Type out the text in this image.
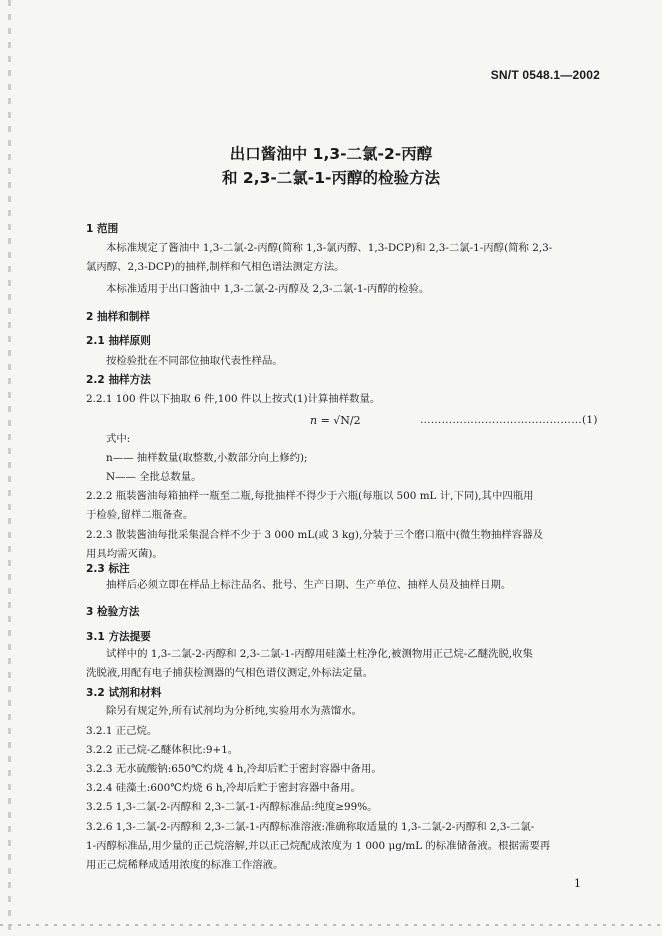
SN/T 0548.1—2002
出口酱油中 1,3-二氯-2-丙醇
和 2,3-二氯-1-丙醇的检验方法
1 范围
本标准规定了酱油中 1,3-二氯-2-丙醇(简称 1,3-氯丙醇、1,3-DCP)和 2,3-二氯-1-丙醇(简称 2,3-
氯丙醇、2,3-DCP)的抽样,制样和气相色谱法测定方法。
本标准适用于出口酱油中 1,3-二氯-2-丙醇及 2,3-二氯-1-丙醇的检验。
2 抽样和制样
2.1 抽样原则
按检验批在不同部位抽取代表性样品。
2.2 抽样方法
2.2.1 100 件以下抽取 6 件,100 件以上按式(1)计算抽样数量。
n = √N/2	………………………………………(1)
式中:
n—— 抽样数量(取整数,小数部分向上修约);
N—— 全批总数量。
2.2.2 瓶装酱油每箱抽样一瓶至二瓶,每批抽样不得少于六瓶(每瓶以 500 mL 计,下同),其中四瓶用
于检验,留样二瓶备查。
2.2.3 散装酱油每批采集混合样不少于 3 000 mL(或 3 kg),分装于三个磨口瓶中(微生物抽样容器及
用具均需灭菌)。
2.3 标注
抽样后必须立即在样品上标注品名、批号、生产日期、生产单位、抽样人员及抽样日期。
3 检验方法
3.1 方法提要
试样中的 1,3-二氯-2-丙醇和 2,3-二氯-1-丙醇用硅藻土柱净化,被测物用正己烷-乙醚洗脱,收集
洗脱液,用配有电子捕获检测器的气相色谱仪测定,外标法定量。
3.2 试剂和材料
除另有规定外,所有试剂均为分析纯,实验用水为蒸馏水。
3.2.1 正己烷。
3.2.2 正己烷-乙醚体积比:9+1。
3.2.3 无水硫酸钠:650℃灼烧 4 h,冷却后贮于密封容器中备用。
3.2.4 硅藻土:600℃灼烧 6 h,冷却后贮于密封容器中备用。
3.2.5 1,3-二氯-2-丙醇和 2,3-二氯-1-丙醇标准品:纯度≥99%。
3.2.6 1,3-二氯-2-丙醇和 2,3-二氯-1-丙醇标准溶液:准确称取适量的 1,3-二氯-2-丙醇和 2,3-二氯-
1-丙醇标准品,用少量的正己烷溶解,并以正己烷配成浓度为 1 000 μg/mL 的标准储备液。根据需要再
用正己烷稀释成适用浓度的标准工作溶液。
1
